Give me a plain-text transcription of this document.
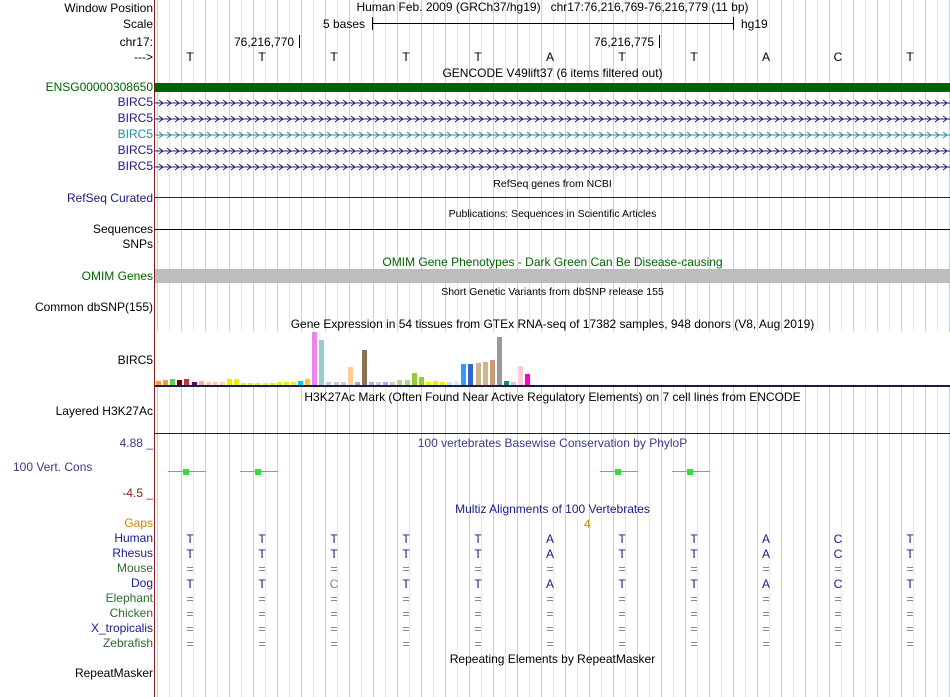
Window Position
Scale
chr17:
--->
Human Feb. 2009 (GRCh37/hg19)   chr17:76,216,769-76,216,779 (11 bp)
5 bases	hg19
76,216,770	76,216,775
T	T	T	T	T	A	T	T	A	C	T
GENCODE V49lift37 (6 items filtered out)
ENSG00000308650
BIRC5
BIRC5
BIRC5
BIRC5
BIRC5
RefSeq genes from NCBI
RefSeq Curated
Publications: Sequences in Scientific Articles
Sequences
SNPs
OMIM Gene Phenotypes - Dark Green Can Be Disease-causing
OMIM Genes
Short Genetic Variants from dbSNP release 155
Common dbSNP(155)
Gene Expression in 54 tissues from GTEx RNA-seq of 17382 samples, 948 donors (V8, Aug 2019)
BIRC5
H3K27Ac Mark (Often Found Near Active Regulatory Elements) on 7 cell lines from ENCODE
Layered H3K27Ac
100 vertebrates Basewise Conservation by PhyloP
4.88 _
100 Vert. Cons
-4.5 _
Multiz Alignments of 100 Vertebrates
Gaps	4
Human	T	T	T	T	T	A	T	T	A	C	T
Rhesus	T	T	T	T	T	A	T	T	A	C	T
Mouse	=	=	=	=	=	=	=	=	=	=	=
Dog	T	T	C	T	T	A	T	T	A	C	T
Elephant	=	=	=	=	=	=	=	=	=	=	=
Chicken	=	=	=	=	=	=	=	=	=	=	=
X_tropicalis	=	=	=	=	=	=	=	=	=	=	=
Zebrafish	=	=	=	=	=	=	=	=	=	=	=
Repeating Elements by RepeatMasker
RepeatMasker
